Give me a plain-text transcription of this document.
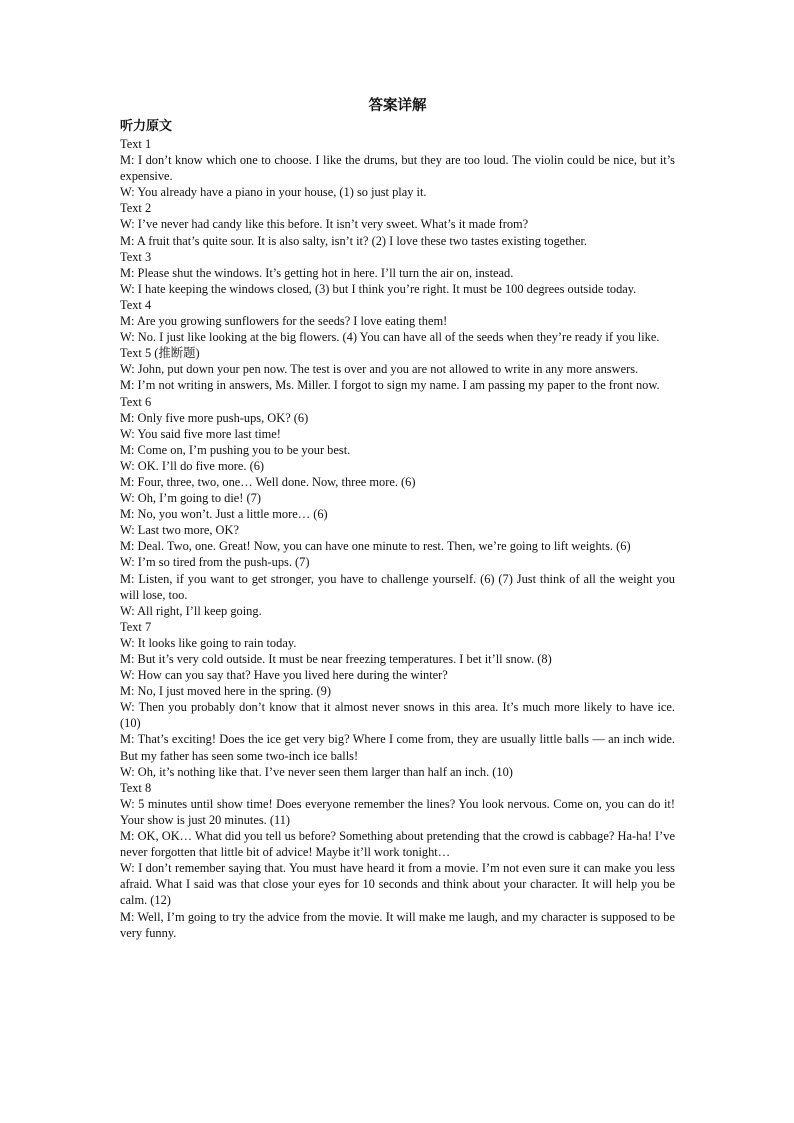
答案详解
听力原文

Text 1

M: I don’t know which one to choose. I like the drums, but they are too loud. The violin could be nice, but it’s expensive.

W: You already have a piano in your house, (1) so just play it.

Text 2

W: I’ve never had candy like this before. It isn’t very sweet. What’s it made from?

M: A fruit that’s quite sour. It is also salty, isn’t it? (2) I love these two tastes existing together.

Text 3

M: Please shut the windows. It’s getting hot in here. I’ll turn the air on, instead.

W: I hate keeping the windows closed, (3) but I think you’re right. It must be 100 degrees outside today.

Text 4

M: Are you growing sunflowers for the seeds? I love eating them!

W: No. I just like looking at the big flowers. (4) You can have all of the seeds when they’re ready if you like.

Text 5 (推断题)

W: John, put down your pen now. The test is over and you are not allowed to write in any more answers.

M: I’m not writing in answers, Ms. Miller. I forgot to sign my name. I am passing my paper to the front now.

Text 6

M: Only five more push-ups, OK? (6)

W: You said five more last time!

M: Come on, I’m pushing you to be your best.

W: OK. I’ll do five more. (6)

M: Four, three, two, one… Well done. Now, three more. (6)

W: Oh, I’m going to die! (7)

M: No, you won’t. Just a little more… (6)

W: Last two more, OK?

M: Deal. Two, one. Great! Now, you can have one minute to rest. Then, we’re going to lift weights. (6)

W: I’m so tired from the push-ups. (7)

M: Listen, if you want to get stronger, you have to challenge yourself. (6) (7) Just think of all the weight you will lose, too.

W: All right, I’ll keep going.

Text 7

W: It looks like going to rain today.

M: But it’s very cold outside. It must be near freezing temperatures. I bet it’ll snow. (8)

W: How can you say that? Have you lived here during the winter?

M: No, I just moved here in the spring. (9)

W: Then you probably don’t know that it almost never snows in this area. It’s much more likely to have ice. (10)

M: That’s exciting! Does the ice get very big? Where I come from, they are usually little balls — an inch wide. But my father has seen some two-inch ice balls!

W: Oh, it’s nothing like that. I’ve never seen them larger than half an inch. (10)

Text 8

W: 5 minutes until show time! Does everyone remember the lines? You look nervous. Come on, you can do it! Your show is just 20 minutes. (11)

M: OK, OK… What did you tell us before? Something about pretending that the crowd is cabbage? Ha-ha! I’ve never forgotten that little bit of advice! Maybe it’ll work tonight…

W: I don’t remember saying that. You must have heard it from a movie. I’m not even sure it can make you less afraid. What I said was that close your eyes for 10 seconds and think about your character. It will help you be calm. (12)

M: Well, I’m going to try the advice from the movie. It will make me laugh, and my character is supposed to be very funny.
